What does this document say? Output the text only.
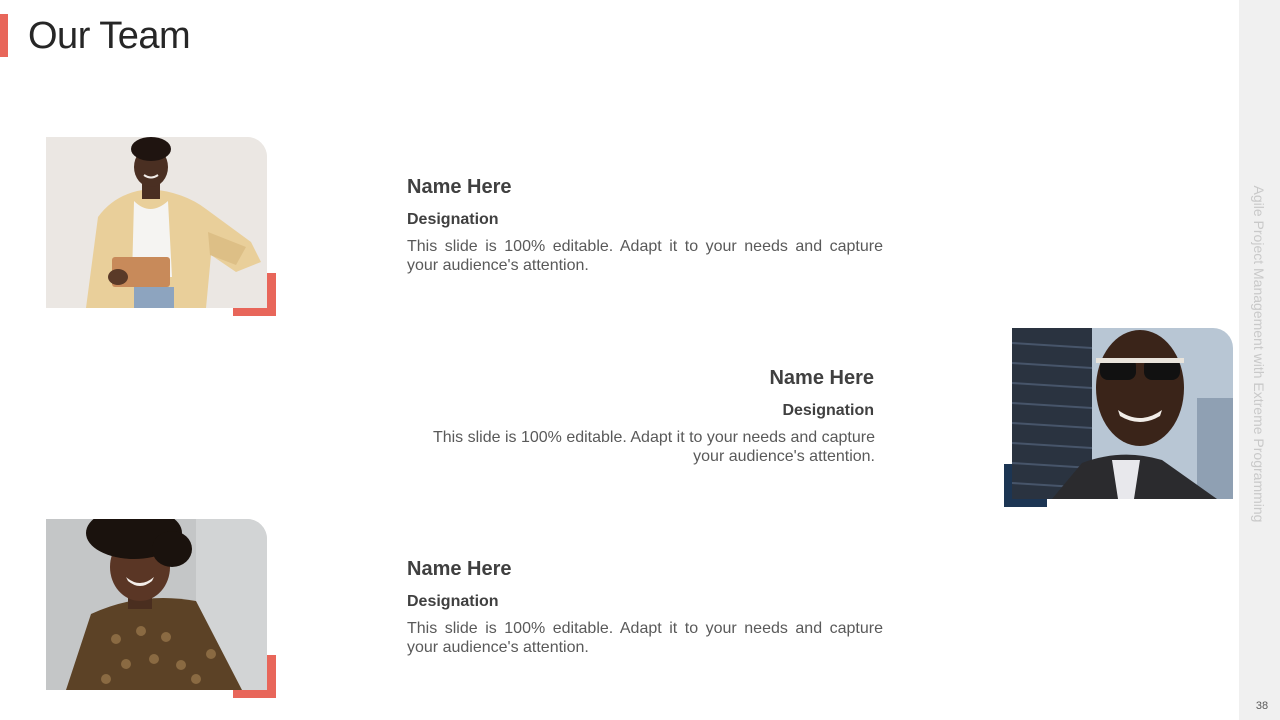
Our Team
Agile Project Management with Extreme Programming
38
Name Here
Designation
This slide is 100% editable. Adapt it to your needs and capture your audience's attention.
Name Here
Designation
This slide is 100% editable. Adapt it to your needs and capture your audience's attention.
Name Here
Designation
This slide is 100% editable. Adapt it to your needs and capture your audience's attention.
